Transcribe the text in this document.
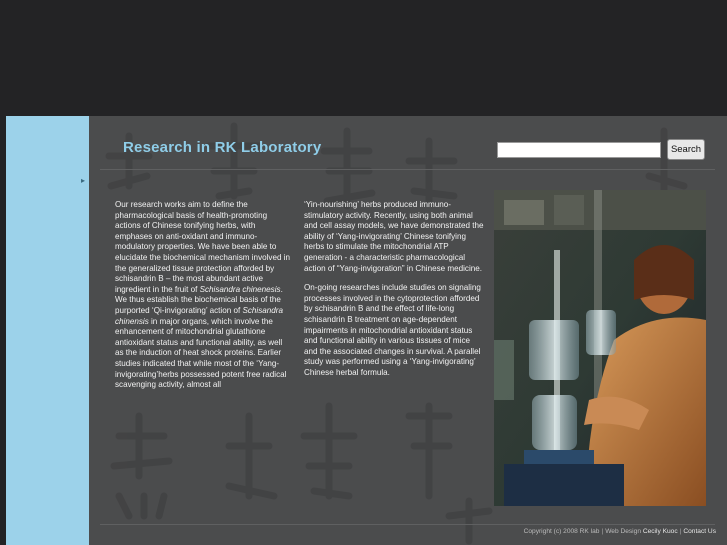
▸
Research in RK Laboratory	Search

Our research works aim to define the pharmacological basis of health-promoting actions of Chinese tonifying herbs, with emphases on anti-oxidant and immuno-modulatory properties. We have been able to elucidate the biochemical mechanism involved in the generalized tissue protection afforded by schisandrin B – the most abundant active ingredient in the fruit of Schisandra chinenesis. We thus establish the biochemical basis of the purported ‘Qi-invigorating’ action of Schisandra chinensis in major organs, which involve the enhancement of mitochondrial glutathione antioxidant status and functional ability, as well as the induction of heat shock proteins. Earlier studies indicated that while most of the ‘Yang-invigorating’herbs possessed potent free radical scavenging activity, almost all

‘Yin-nourishing’ herbs produced immuno-stimulatory activity. Recently, using both animal and cell assay models, we have demonstrated the ability of ‘Yang-invigorating’ Chinese tonifying herbs to stimulate the mitochondrial ATP generation - a characteristic pharmacological action of “Yang-invigoration” in Chinese medicine.

On-going researches include studies on signaling processes involved in the cytoprotection afforded by schisandrin B and the effect of life-long schisandrin B treatment on age-dependent impairments in mitochondrial antioxidant status and functional ability in various tissues of mice and the associated changes in survival. A parallel study was performed using a ‘Yang-invigorating’ Chinese herbal formula.

Copyright (c) 2008 RK lab | Web Design Cecily Kuoc | Contact Us
